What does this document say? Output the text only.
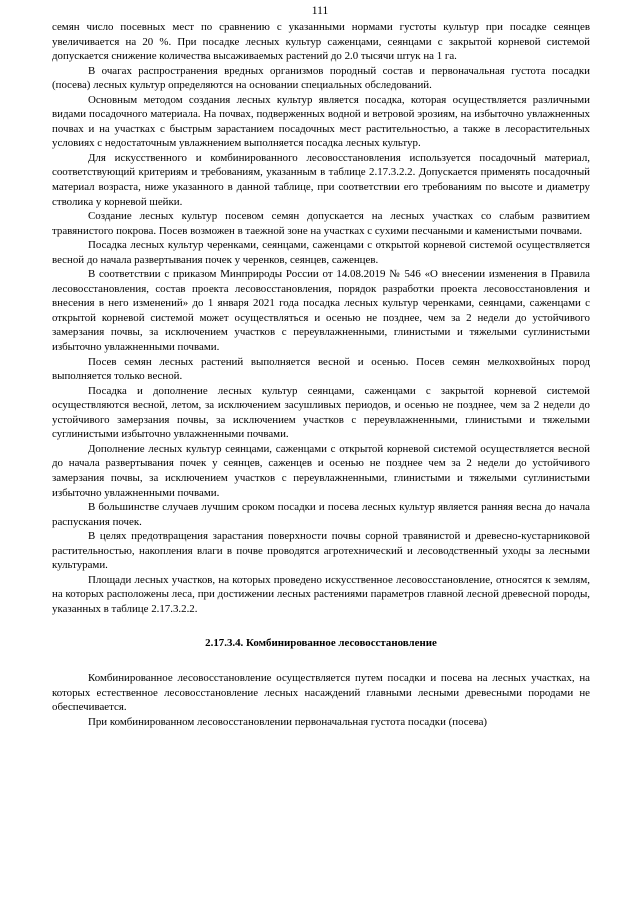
111

семян число посевных мест по сравнению с указанными нормами густоты культур при посадке сеянцев увеличивается на 20 %. При посадке лесных культур саженцами, сеянцами с закрытой корневой системой допускается снижение количества высаживаемых растений до 2.0 тысячи штук на 1 га.

В очагах распространения вредных организмов породный состав и первоначальная густота посадки (посева) лесных культур определяются на основании специальных обследований.

Основным методом создания лесных культур является посадка, которая осуществляется различными видами посадочного материала. На почвах, подверженных водной и ветровой эрозиям, на избыточно увлажненных почвах и на участках с быстрым зарастанием посадочных мест растительностью, а также в лесорастительных условиях с недостаточным увлажнением выполняется посадка лесных культур.

Для искусственного и комбинированного лесовосстановления используется посадочный материал, соответствующий критериям и требованиям, указанным в таблице 2.17.3.2.2. Допускается применять посадочный материал возраста, ниже указанного в данной таблице, при соответствии его требованиям по высоте и диаметру стволика у корневой шейки.

Создание лесных культур посевом семян допускается на лесных участках со слабым развитием травянистого покрова. Посев возможен в таежной зоне на участках с сухими песчаными и каменистыми почвами.

Посадка лесных культур черенками, сеянцами, саженцами с открытой корневой системой осуществляется весной до начала развертывания почек у черенков, сеянцев, саженцев.

В соответствии с приказом Минприроды России от 14.08.2019 № 546 «О внесении изменения в Правила лесовосстановления, состав проекта лесовосстановления, порядок разработки проекта лесовосстановления и внесения в него изменений» до 1 января 2021 года посадка лесных культур черенками, сеянцами, саженцами с открытой корневой системой может осуществляться и осенью не позднее, чем за 2 недели до устойчивого замерзания почвы, за исключением участков с переувлажненными, глинистыми и тяжелыми суглинистыми избыточно увлажненными почвами.

Посев семян лесных растений выполняется весной и осенью. Посев семян мелкохвойных пород выполняется только весной.

Посадка и дополнение лесных культур сеянцами, саженцами с закрытой корневой системой осуществляются весной, летом, за исключением засушливых периодов, и осенью не позднее, чем за 2 недели до устойчивого замерзания почвы, за исключением участков с переувлажненными, глинистыми и тяжелыми суглинистыми избыточно увлажненными почвами.

Дополнение лесных культур сеянцами, саженцами с открытой корневой системой осуществляется весной до начала развертывания почек у сеянцев, саженцев и осенью не позднее чем за 2 недели до устойчивого замерзания почвы, за исключением участков с переувлажненными, глинистыми и тяжелыми суглинистыми избыточно увлажненными почвами.

В большинстве случаев лучшим сроком посадки и посева лесных культур является ранняя весна до начала распускания почек.

В целях предотвращения зарастания поверхности почвы сорной травянистой и древесно-кустарниковой растительностью, накопления влаги в почве проводятся агротехнический и лесоводственный уходы за лесными культурами.

Площади лесных участков, на которых проведено искусственное лесовосстановление, относятся к землям, на которых расположены леса, при достижении лесных растениями параметров главной лесной древесной породы, указанных в таблице 2.17.3.2.2.

2.17.3.4. Комбинированное лесовосстановление

Комбинированное лесовосстановление осуществляется путем посадки и посева на лесных участках, на которых естественное лесовосстановление лесных насаждений главными лесными древесными породами не обеспечивается.

При комбинированном лесовосстановлении первоначальная густота посадки (посева)
